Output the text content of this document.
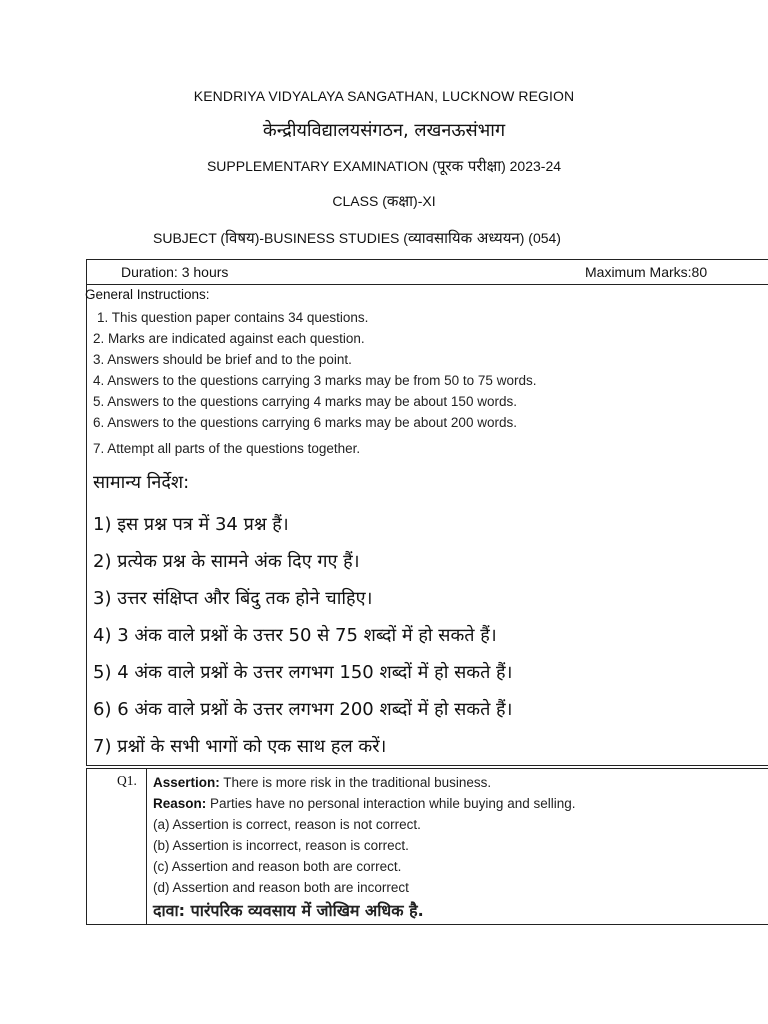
KENDRIYA VIDYALAYA SANGATHAN, LUCKNOW REGION
केन्द्रीयविद्यालयसंगठन, लखनऊसंभाग
SUPPLEMENTARY EXAMINATION (पूरक परीक्षा) 2023-24
CLASS (कक्षा)-XI
SUBJECT (विषय)-BUSINESS STUDIES (व्यावसायिक अध्ययन) (054)
Duration: 3 hours	Maximum Marks:80
General Instructions:
1. This question paper contains 34 questions.
2. Marks are indicated against each question.
3. Answers should be brief and to the point.
4. Answers to the questions carrying 3 marks may be from 50 to 75 words.
5. Answers to the questions carrying 4 marks may be about 150 words.
6. Answers to the questions carrying 6 marks may be about 200 words.
7. Attempt all parts of the questions together.
सामान्य निर्देश:
1) इस प्रश्न पत्र में 34 प्रश्न हैं।
2) प्रत्येक प्रश्न के सामने अंक दिए गए हैं।
3) उत्तर संक्षिप्त और बिंदु तक होने चाहिए।
4) 3 अंक वाले प्रश्नों के उत्तर 50 से 75 शब्दों में हो सकते हैं।
5) 4 अंक वाले प्रश्नों के उत्तर लगभग 150 शब्दों में हो सकते हैं।
6) 6 अंक वाले प्रश्नों के उत्तर लगभग 200 शब्दों में हो सकते हैं।
7) प्रश्नों के सभी भागों को एक साथ हल करें।
Q1. Assertion: There is more risk in the traditional business.
Reason: Parties have no personal interaction while buying and selling.
(a) Assertion is correct, reason is not correct.
(b) Assertion is incorrect, reason is correct.
(c) Assertion and reason both are correct.
(d) Assertion and reason both are incorrect
दावा: पारंपरिक व्यवसाय में जोखिम अधिक है.
